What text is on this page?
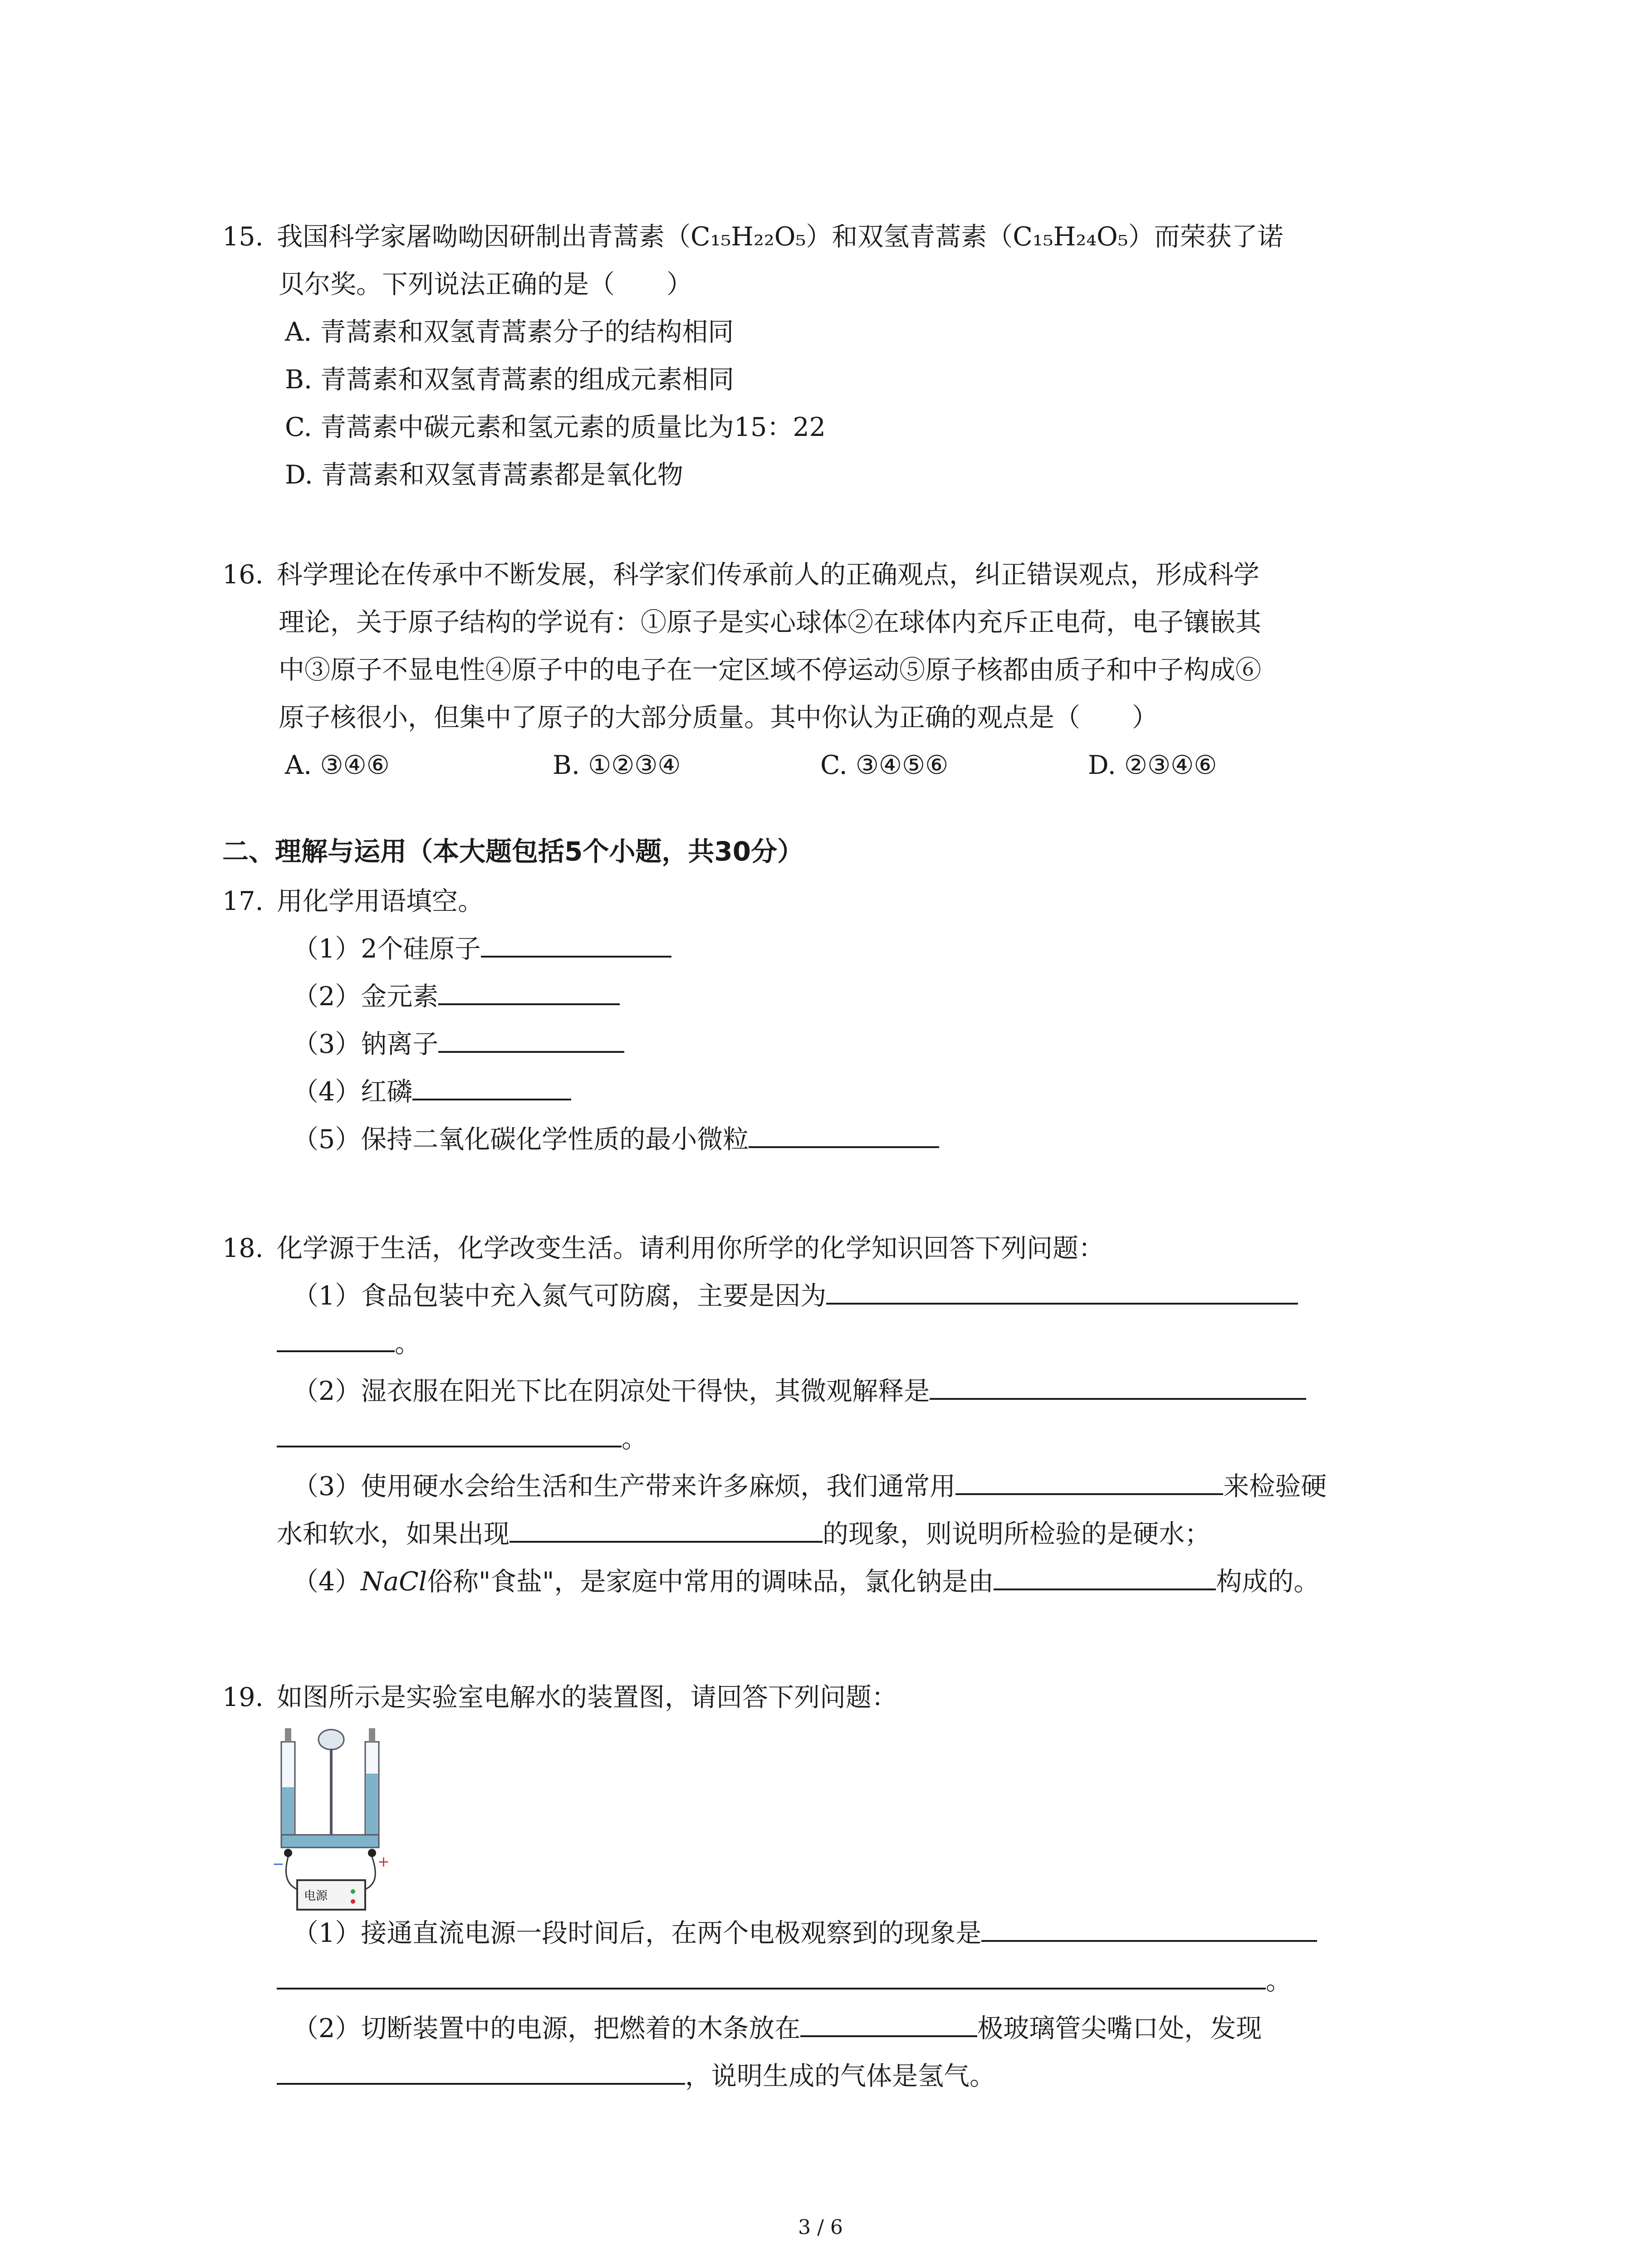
15. 我国科学家屠呦呦因研制出青蒿素（C₁₅H₂₂O₅）和双氢青蒿素（C₁₅H₂₄O₅）而荣获了诺
贝尔奖。下列说法正确的是（　　）
A. 青蒿素和双氢青蒿素分子的结构相同
B. 青蒿素和双氢青蒿素的组成元素相同
C. 青蒿素中碳元素和氢元素的质量比为15：22
D. 青蒿素和双氢青蒿素都是氧化物
16. 科学理论在传承中不断发展，科学家们传承前人的正确观点，纠正错误观点，形成科学
理论，关于原子结构的学说有：①原子是实心球体②在球体内充斥正电荷，电子镶嵌其
中③原子不显电性④原子中的电子在一定区域不停运动⑤原子核都由质子和中子构成⑥
原子核很小，但集中了原子的大部分质量。其中你认为正确的观点是（　　）
A. ③④⑥	B. ①②③④	C. ③④⑤⑥	D. ②③④⑥
二、理解与运用（本大题包括5个小题，共30分）
17. 用化学用语填空。
（1）2个硅原子
（2）金元素
（3）钠离子
（4）红磷
（5）保持二氧化碳化学性质的最小微粒
18. 化学源于生活，化学改变生活。请利用你所学的化学知识回答下列问题：
（1）食品包装中充入氮气可防腐，主要是因为
。
（2）湿衣服在阳光下比在阴凉处干得快，其微观解释是
。
（3）使用硬水会给生活和生产带来许多麻烦，我们通常用	来检验硬
水和软水，如果出现	的现象，则说明所检验的是硬水；
（4）NaCl俗称"食盐"，是家庭中常用的调味品，氯化钠是由	构成的。
19. 如图所示是实验室电解水的装置图，请回答下列问题：
−	+
电源
（1）接通直流电源一段时间后，在两个电极观察到的现象是
。
（2）切断装置中的电源，把燃着的木条放在	极玻璃管尖嘴口处，发现
，说明生成的气体是氢气。
3 / 6
